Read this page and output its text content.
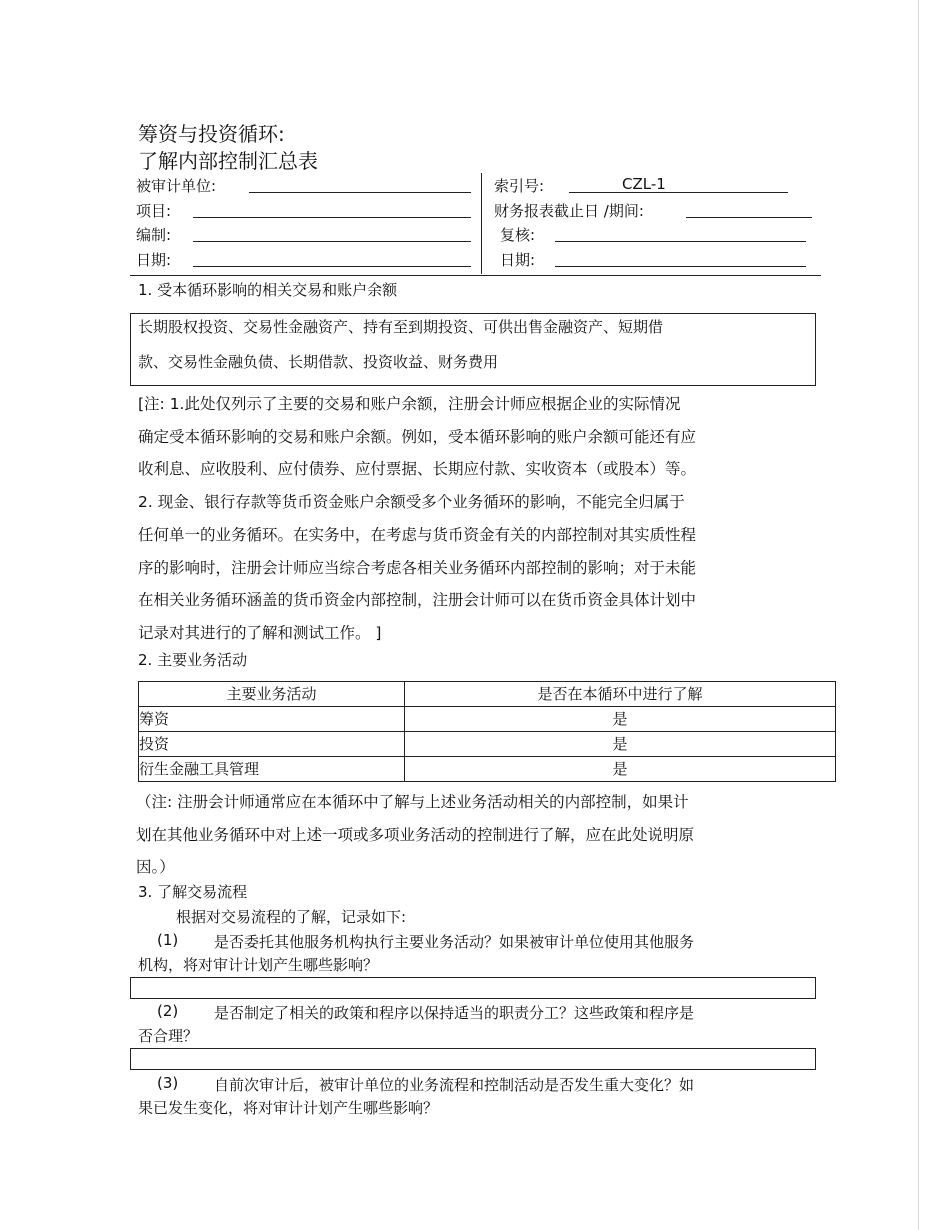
筹资与投资循环:
了解内部控制汇总表
被审计单位:
项目:
编制:
日期:
索引号:	CZL-1
财务报表截止日 /期间:
复核:
日期:
1. 受本循环影响的相关交易和账户余额
长期股权投资、交易性金融资产、持有至到期投资、可供出售金融资产、短期借
款、交易性金融负债、长期借款、投资收益、财务费用
[注: 1.此处仅列示了主要的交易和账户余额，注册会计师应根据企业的实际情况
确定受本循环影响的交易和账户余额。例如，受本循环影响的账户余额可能还有应
收利息、应收股利、应付债券、应付票据、长期应付款、实收资本（或股本）等。
2. 现金、银行存款等货币资金账户余额受多个业务循环的影响，不能完全归属于
任何单一的业务循环。在实务中，在考虑与货币资金有关的内部控制对其实质性程
序的影响时，注册会计师应当综合考虑各相关业务循环内部控制的影响；对于未能
在相关业务循环涵盖的货币资金内部控制，注册会计师可以在货币资金具体计划中
记录对其进行的了解和测试工作。 ]
2. 主要业务活动
主要业务活动	是否在本循环中进行了解
筹资	是
投资	是
衍生金融工具管理	是
（注: 注册会计师通常应在本循环中了解与上述业务活动相关的内部控制，如果计
划在其他业务循环中对上述一项或多项业务活动的控制进行了解，应在此处说明原
因。）
3. 了解交易流程
根据对交易流程的了解，记录如下:
(1) 是否委托其他服务机构执行主要业务活动？如果被审计单位使用其他服务
机构，将对审计计划产生哪些影响？
(2) 是否制定了相关的政策和程序以保持适当的职责分工？这些政策和程序是
否合理？
(3) 自前次审计后，被审计单位的业务流程和控制活动是否发生重大变化？如
果已发生变化，将对审计计划产生哪些影响？
